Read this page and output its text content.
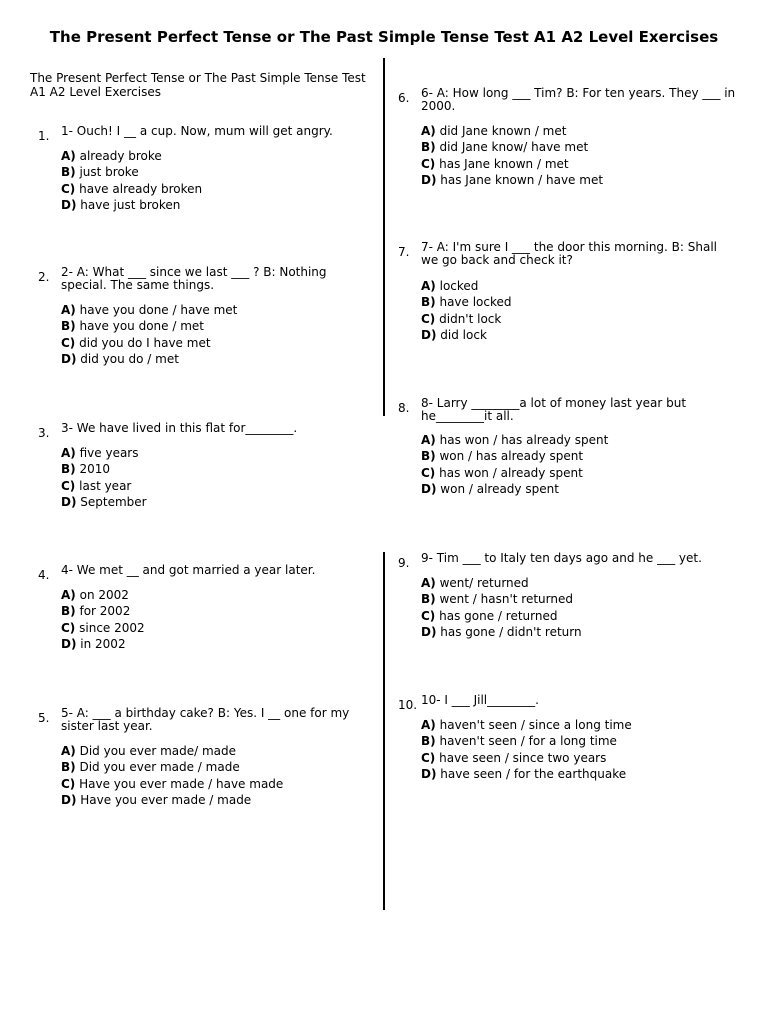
The Present Perfect Tense or The Past Simple Tense Test A1 A2 Level Exercises
The Present Perfect Tense or The Past Simple Tense Test A1 A2 Level Exercises
1. 1- Ouch! I __ a cup. Now, mum will get angry.
A) already broke
B) just broke
C) have already broken
D) have just broken
2. 2- A: What ___ since we last ___ ? B: Nothing special. The same things.
A) have you done / have met
B) have you done / met
C) did you do I have met
D) did you do / met
3. 3- We have lived in this flat for________.
A) five years
B) 2010
C) last year
D) September
4. 4- We met __ and got married a year later.
A) on 2002
B) for 2002
C) since 2002
D) in 2002
5. 5- A: ___ a birthday cake? B: Yes. I __ one for my sister last year.
A) Did you ever made/ made
B) Did you ever made / made
C) Have you ever made / have made
D) Have you ever made / made
6. 6- A: How long ___ Tim? B: For ten years. They ___ in 2000.
A) did Jane known / met
B) did Jane know/ have met
C) has Jane known / met
D) has Jane known / have met
7. 7- A: I'm sure I ___ the door this morning. B: Shall we go back and check it?
A) locked
B) have locked
C) didn't lock
D) did lock
8. 8- Larry ________a lot of money last year but he________it all.
A) has won / has already spent
B) won / has already spent
C) has won / already spent
D) won / already spent
9. 9- Tim ___ to Italy ten days ago and he ___ yet.
A) went/ returned
B) went / hasn't returned
C) has gone / returned
D) has gone / didn't return
10. 10- I ___ Jill________.
A) haven't seen / since a long time
B) haven't seen / for a long time
C) have seen / since two years
D) have seen / for the earthquake
